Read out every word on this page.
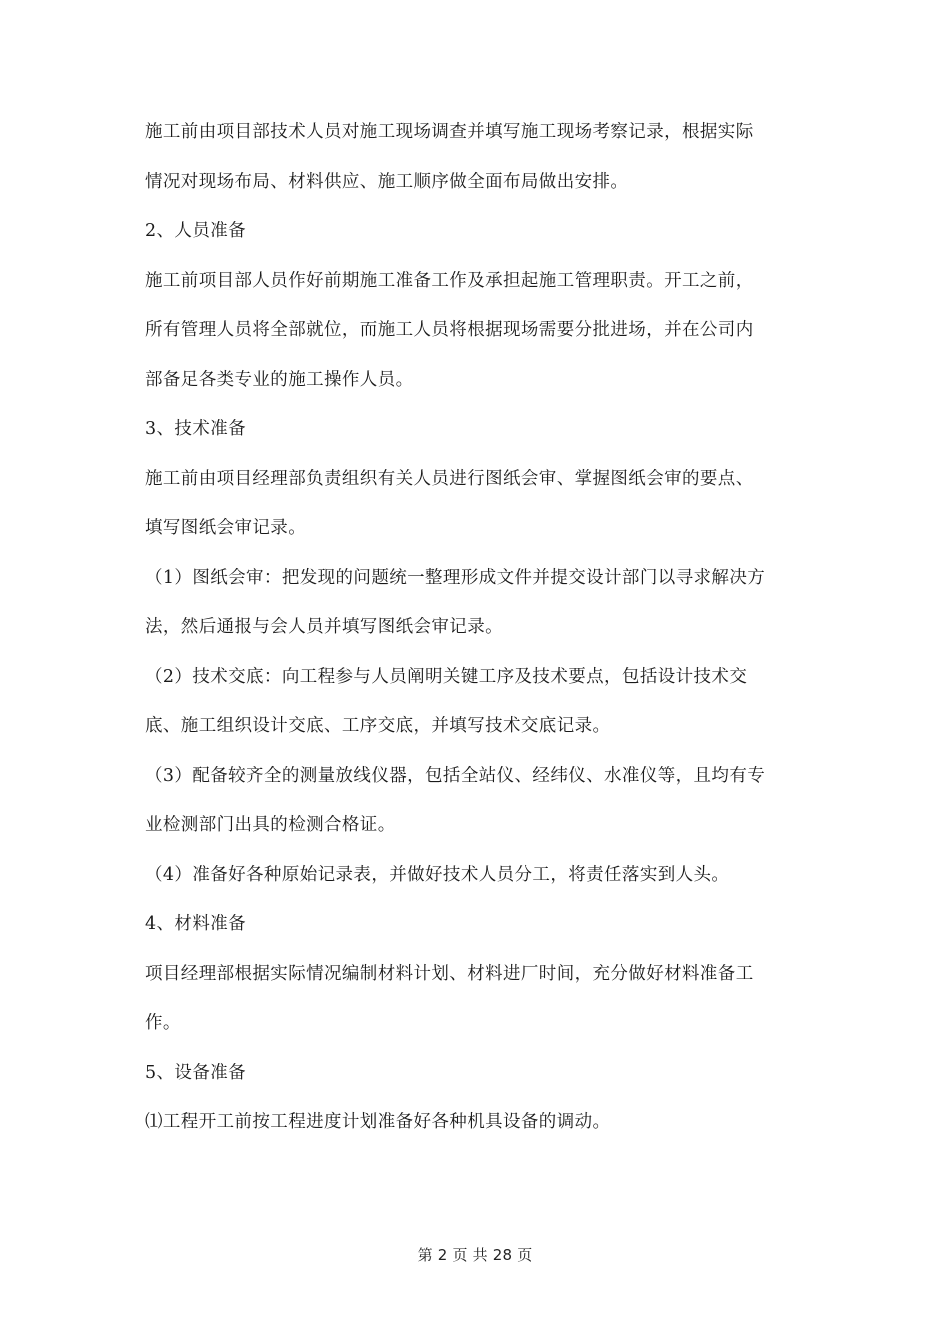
施工前由项目部技术人员对施工现场调查并填写施工现场考察记录，根据实际
情况对现场布局、材料供应、施工顺序做全面布局做出安排。
2、人员准备
施工前项目部人员作好前期施工准备工作及承担起施工管理职责。开工之前，
所有管理人员将全部就位，而施工人员将根据现场需要分批进场，并在公司内
部备足各类专业的施工操作人员。
3、技术准备
施工前由项目经理部负责组织有关人员进行图纸会审、掌握图纸会审的要点、
填写图纸会审记录。
（1）图纸会审：把发现的问题统一整理形成文件并提交设计部门以寻求解决方
法，然后通报与会人员并填写图纸会审记录。
（2）技术交底：向工程参与人员阐明关键工序及技术要点，包括设计技术交
底、施工组织设计交底、工序交底，并填写技术交底记录。
（3）配备较齐全的测量放线仪器，包括全站仪、经纬仪、水准仪等，且均有专
业检测部门出具的检测合格证。
（4）准备好各种原始记录表，并做好技术人员分工，将责任落实到人头。
4、材料准备
项目经理部根据实际情况编制材料计划、材料进厂时间，充分做好材料准备工
作。
5、设备准备
⑴工程开工前按工程进度计划准备好各种机具设备的调动。
第 2 页 共 28 页
